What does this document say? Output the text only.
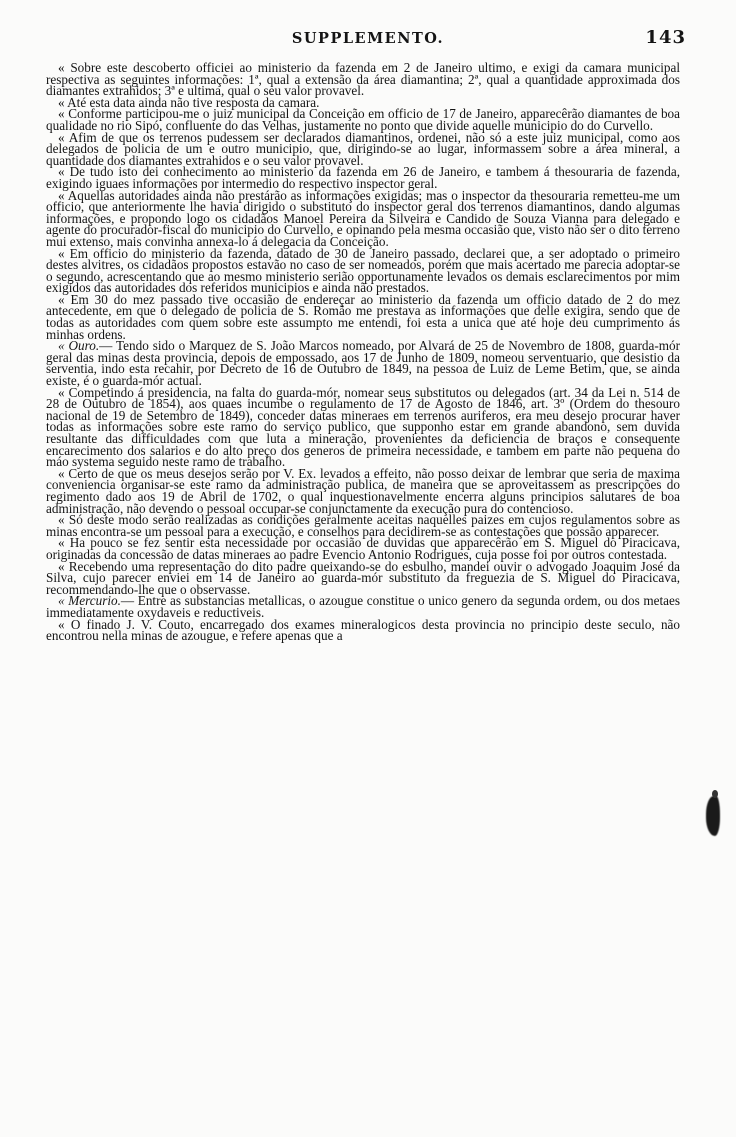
SUPPLEMENTO.	143

« Sobre este descoberto officiei ao ministerio da fazenda em 2 de Janeiro ultimo, e exigi da camara municipal respectiva as seguintes informações: 1ª, qual a extensão da área diamantina; 2ª, qual a quantidade approximada dos diamantes extrahidos; 3ª e ultima, qual o seu valor provavel.

« Até esta data ainda não tive resposta da camara.

« Conforme participou-me o juiz municipal da Conceição em officio de 17 de Janeiro, apparecêrão diamantes de boa qualidade no rio Sipó, confluente do das Velhas, justamente no ponto que divide aquelle municipio do do Curvello.

« Afim de que os terrenos pudessem ser declarados diamantinos, ordenei, não só a este juiz municipal, como aos delegados de policia de um e outro municipio, que, dirigindo-se ao lugar, informassem sobre a área mineral, a quantidade dos diamantes extrahidos e o seu valor provavel.

« De tudo isto dei conhecimento ao ministerio da fazenda em 26 de Janeiro, e tambem á thesouraria de fazenda, exigindo iguaes informações por intermedio do respectivo inspector geral.

« Aquellas autoridades ainda não prestárão as informações exigidas; mas o inspector da thesouraria remetteu-me um officio, que anteriormente lhe havia dirigido o substituto do inspector geral dos terrenos diamantinos, dando algumas informações, e propondo logo os cidadãos Manoel Pereira da Silveira e Candido de Souza Vianna para delegado e agente do procurador-fiscal do municipio do Curvello, e opinando pela mesma occasião que, visto não ser o dito terreno mui extenso, mais convinha annexa-lo á delegacia da Conceição.

« Em officio do ministerio da fazenda, datado de 30 de Janeiro passado, declarei que, a ser adoptado o primeiro destes alvitres, os cidadãos propostos estavão no caso de ser nomeados, porém que mais acertado me parecia adoptar-se o segundo, acrescentando que ao mesmo ministerio serião opportunamente levados os demais esclarecimentos por mim exigidos das autoridades dos referidos municipios e ainda não prestados.

« Em 30 do mez passado tive occasião de endereçar ao ministerio da fazenda um officio datado de 2 do mez antecedente, em que o delegado de policia de S. Romão me prestava as informações que delle exigira, sendo que de todas as autoridades com quem sobre este assumpto me entendi, foi esta a unica que até hoje deu cumprimento ás minhas ordens.

« Ouro.— Tendo sido o Marquez de S. João Marcos nomeado, por Alvará de 25 de Novembro de 1808, guarda-mór geral das minas desta provincia, depois de empossado, aos 17 de Junho de 1809, nomeou serventuario, que desistio da serventia, indo esta recahir, por Decreto de 16 de Outubro de 1849, na pessoa de Luiz de Leme Betim, que, se ainda existe, é o guarda-mór actual.

« Competindo á presidencia, na falta do guarda-mór, nomear seus substitutos ou delegados (art. 34 da Lei n. 514 de 28 de Outubro de 1854), aos quaes incumbe o regulamento de 17 de Agosto de 1846, art. 3º (Ordem do thesouro nacional de 19 de Setembro de 1849), conceder datas mineraes em terrenos auriferos, era meu desejo procurar haver todas as informações sobre este ramo do serviço publico, que supponho estar em grande abandono, sem duvida resultante das difficuldades com que luta a mineração, provenientes da deficiencia de braços e consequente encarecimento dos salarios e do alto preço dos generos de primeira necessidade, e tambem em parte não pequena do máo systema seguido neste ramo de trabalho.

« Certo de que os meus desejos serão por V. Ex. levados a effeito, não posso deixar de lembrar que seria de maxima conveniencia organisar-se este ramo da administração publica, de maneira que se aproveitassem as prescripções do regimento dado aos 19 de Abril de 1702, o qual inquestionavelmente encerra alguns principios salutares de boa administração, não devendo o pessoal occupar-se conjunctamente da execução pura do contencioso.

« Só deste modo serão realizadas as condições geralmente aceitas naquelles paizes em cujos regulamentos sobre as minas encontra-se um pessoal para a execução, e conselhos para decidirem-se as contestações que possão apparecer.

« Ha pouco se fez sentir esta necessidade por occasião de duvidas que apparecêrão em S. Miguel do Piracicava, originadas da concessão de datas mineraes ao padre Evencio Antonio Rodrigues, cuja posse foi por outros contestada.

« Recebendo uma representação do dito padre queixando-se do esbulho, mandei ouvir o advogado Joaquim José da Silva, cujo parecer enviei em 14 de Janeiro ao guarda-mór substituto da freguezia de S. Miguel do Piracicava, recommendando-lhe que o observasse.

« Mercurio.— Entre as substancias metallicas, o azougue constitue o unico genero da segunda ordem, ou dos metaes immediatamente oxydaveis e reductiveis.

« O finado J. V. Couto, encarregado dos exames mineralogicos desta provincia no principio deste seculo, não encontrou nella minas de azougue, e refere apenas que a
